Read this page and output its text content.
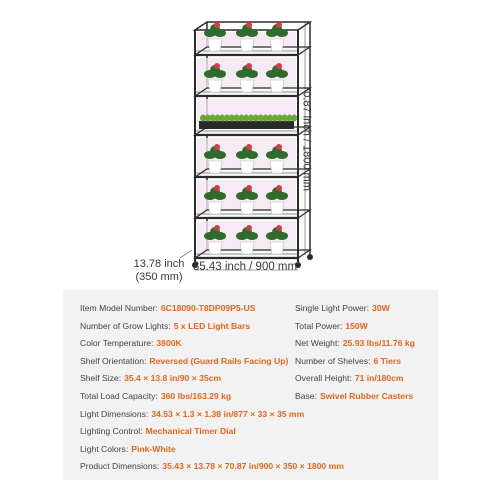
70.87 inch / 1800 mm
35.43 inch / 900 mm
13.78 inch
(350 mm)
Item Model Number: 6C18090-T8DP09P5-US	Single Light Power: 30W
Number of Grow Lights: 5 x LED Light Bars	Total Power: 150W
Color Temperature: 3800K	Net Weight: 25.93 lbs/11.76 kg
Shelf Orientation: Reversed (Guard Rails Facing Up) Number of Shelves: 6 Tiers
Shelf Size: 35.4 × 13.8 in/90 × 35cm	Overall Height: 71 in/180cm
Total Load Capacity: 360 lbs/163.29 kg	Base: Swivel Rubber Casters
Light Dimensions: 34.53 × 1.3 × 1.38 in/877 × 33 × 35 mm
Lighting Control: Mechanical Timer Dial
Light Colors: Pink-White
Product Dimensions: 35.43 × 13.78 × 70.87 in/900 × 350 × 1800 mm
